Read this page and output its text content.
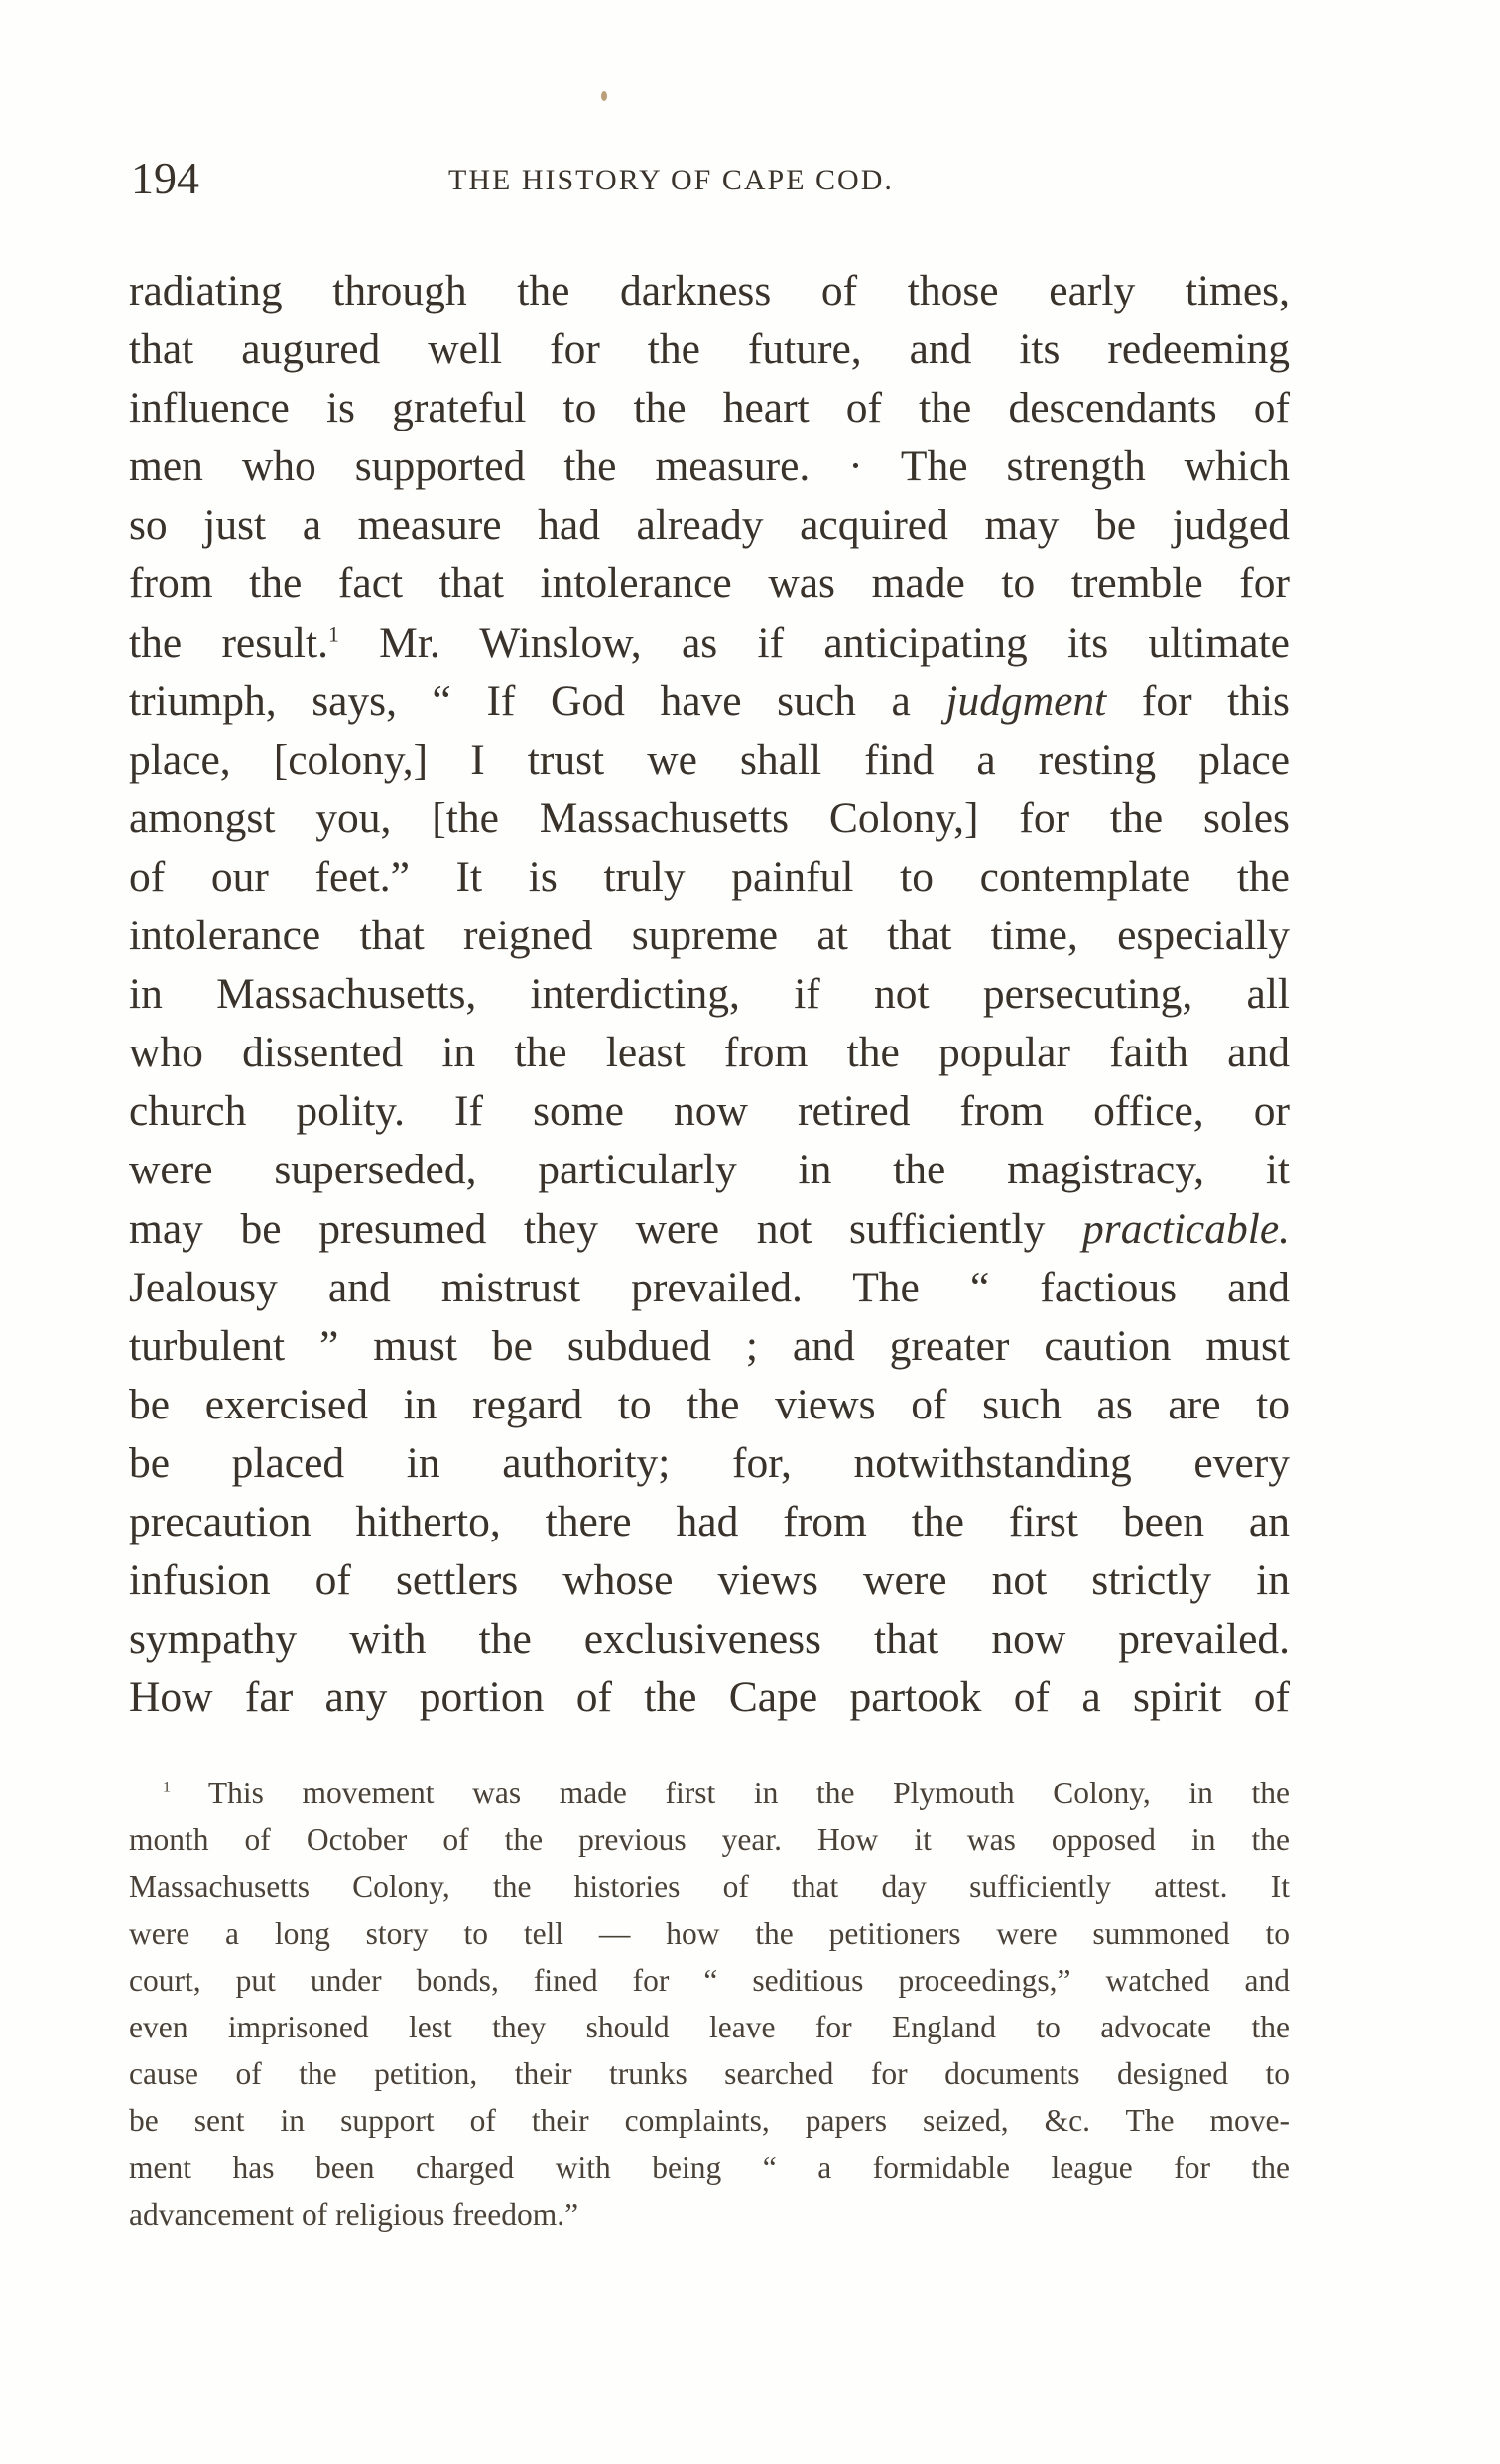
194	THE HISTORY OF CAPE COD.
radiating through the darkness of those early times,
that augured well for the future, and its redeeming
influence is grateful to the heart of the descendants of
men who supported the measure. · The strength which
so just a measure had already acquired may be judged
from the fact that intolerance was made to tremble for
the result.$^1$ Mr. Winslow, as if anticipating its ultimate
triumph, says, “ If God have such a judgment for this
place, [colony,] I trust we shall find a resting place
amongst you, [the Massachusetts Colony,] for the soles
of our feet.” It is truly painful to contemplate the
intolerance that reigned supreme at that time, especially
in Massachusetts, interdicting, if not persecuting, all
who dissented in the least from the popular faith and
church polity. If some now retired from office, or
were superseded, particularly in the magistracy, it
may be presumed they were not sufficiently practicable.
Jealousy and mistrust prevailed. The “ factious and
turbulent ” must be subdued ; and greater caution must
be exercised in regard to the views of such as are to
be placed in authority; for, notwithstanding every
precaution hitherto, there had from the first been an
infusion of settlers whose views were not strictly in
sympathy with the exclusiveness that now prevailed.
How far any portion of the Cape partook of a spirit of
$^1$ This movement was made first in the Plymouth Colony, in the
month of October of the previous year. How it was opposed in the
Massachusetts Colony, the histories of that day sufficiently attest. It
were a long story to tell — how the petitioners were summoned to
court, put under bonds, fined for “ seditious proceedings,” watched and
even imprisoned lest they should leave for England to advocate the
cause of the petition, their trunks searched for documents designed to
be sent in support of their complaints, papers seized, &c. The move-
ment has been charged with being “ a formidable league for the
advancement of religious freedom.”
